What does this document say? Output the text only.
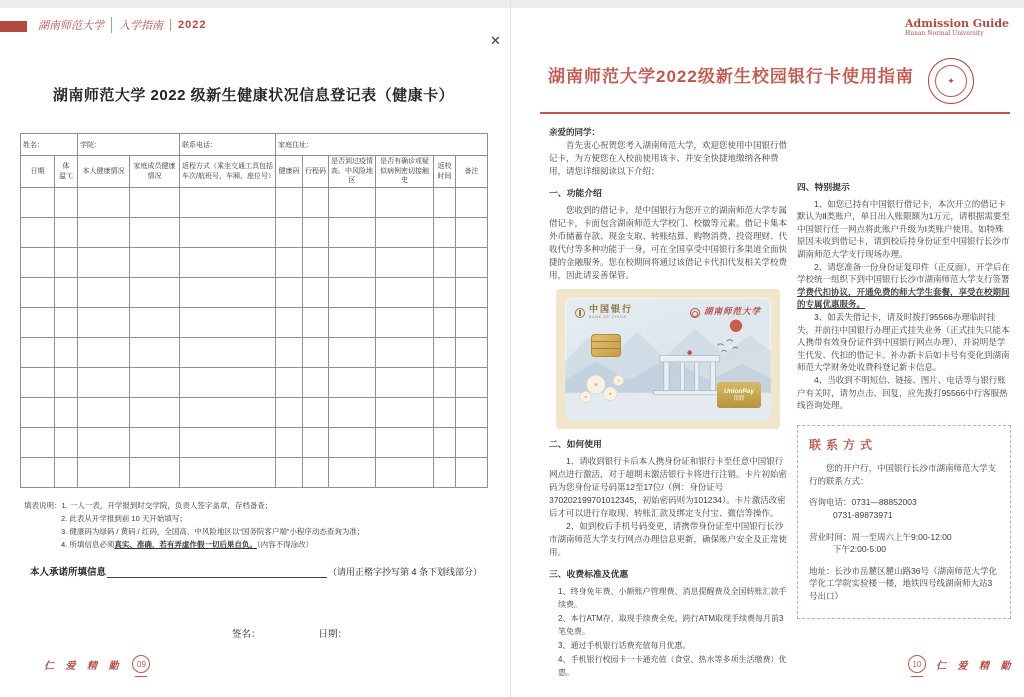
湖南师范大学	入学指南	2022
✕
湖南师范大学 2022 级新生健康状况信息登记表（健康卡）
姓名：		学院：		联系电话：	家庭住址：					
日期	体温℃	本人健康情况	家庭成员健康情况	返程方式（乘坐交通工具包括车次/航班号、车厢、座位号）	健康码	行程码	是否到过疫情高、中风险地区	是否有确诊或疑似病例密切接触史	返校时间	备注

填表说明： 1. 一人一表，开学报到时交学院，负责人签字盖章，存档备查；
2. 此表从开学报到前 10 天开始填写；
3. 健康码为绿码 / 黄码 / 红码，全国高、中风险地区以“国务院客户端”小程序动态查询为准；
4. 所填信息必须真实、准确，若有弄虚作假一切后果自负。（内容不得涂改）
本人承诺所填信息	（请用正楷字抄写第 4 条下划线部分）
签名：	日期：
仁 爱 精 勤	09
Admission Guide
Hunan Normal University
湖南师范大学2022级新生校园银行卡使用指南	✦
亲爱的同学：
首先衷心祝贺您考入湖南师范大学，欢迎您使用中国银行借记卡，为方便您在入校前使用该卡、并安全快捷地缴纳各种费用，请您详细阅读以下介绍：
一、功能介绍
您收到的借记卡，是中国银行为您开立的湖南师范大学专属借记卡，卡面包含湖南师范大学校门、校徽等元素。借记卡集本外币储蓄存款、现金支取、转账结算、购物消费、投资理财、代收代付等多种功能于一身，可在全国享受中国银行多渠道全面快捷的金融服务。您在校期间将通过该借记卡代扣代发相关学校费用，因此请妥善保管。
中国银行
BANK OF CHINA	湖南师范大学
UnionPay
银联
二、如何使用
1、请收到银行卡后本人携身份证和银行卡至任意中国银行网点进行激活，对于超期未激活银行卡将进行注销。卡片初始密码为您身份证号码第12至17位/（例：身份证号370202199701012345，初始密码则为101234）。卡片激活改密后才可以进行存取现、转账汇款及绑定支付宝、微信等操作。
2、如到校后手机号码变更，请携带身份证至中国银行长沙市湖南师范大学支行网点办理信息更新，确保账户安全及正常使用。
三、收费标准及优惠
1、终身免年费、小额账户管理费、消息提醒费及全国转账汇款手续费。
2、本行ATM存、取现手续费全免，跨行ATM取现手续费每月前3笔免费。
3、通过手机银行话费充值每月优惠。
4、手机银行校园卡一卡通充值（食堂、热水等多项生活缴费）优惠。
四、特别提示
1、如您已持有中国银行借记卡，本次开立的借记卡默认为Ⅱ类账户，单日出入账限额为1万元，请根据需要至中国银行任一网点将此账户升级为Ⅰ类账户使用。如特殊原因未收到借记卡，请到校后持身份证至中国银行长沙市湖南师范大学支行现场办理。
2、请您准备一份身份证复印件（正反面），开学后在学校统一组织下到中国银行长沙市湖南师范大学支行签署学费代扣协议，开通免费的师大学生套餐，享受在校期间的专属优惠服务。
3、如丢失借记卡，请及时拨打95566办理临时挂失，并前往中国银行办理正式挂失业务（正式挂失只能本人携带有效身份证件到中国银行网点办理），并说明是学生代发、代扣的借记卡。补办新卡后如卡号有变化到湖南师范大学财务处收费科登记新卡信息。
4、当收到不明短信、链接、图片、电话等与银行账户有关时，请勿点击、回复，应先拨打95566中行客服热线咨询处理。
联系方式
您的开户行，中国银行长沙市湖南师范大学支行的联系方式：
咨询电话：0731—88852003
0731-89873971
营业时间：周一至周六上午9:00-12:00
下午2:00-5:00
地址：长沙市岳麓区麓山路36号（湖南师范大学化学化工学院实验楼一楼，地铁四号线湖南师大站3号出口）
10	仁 爱 精 勤
